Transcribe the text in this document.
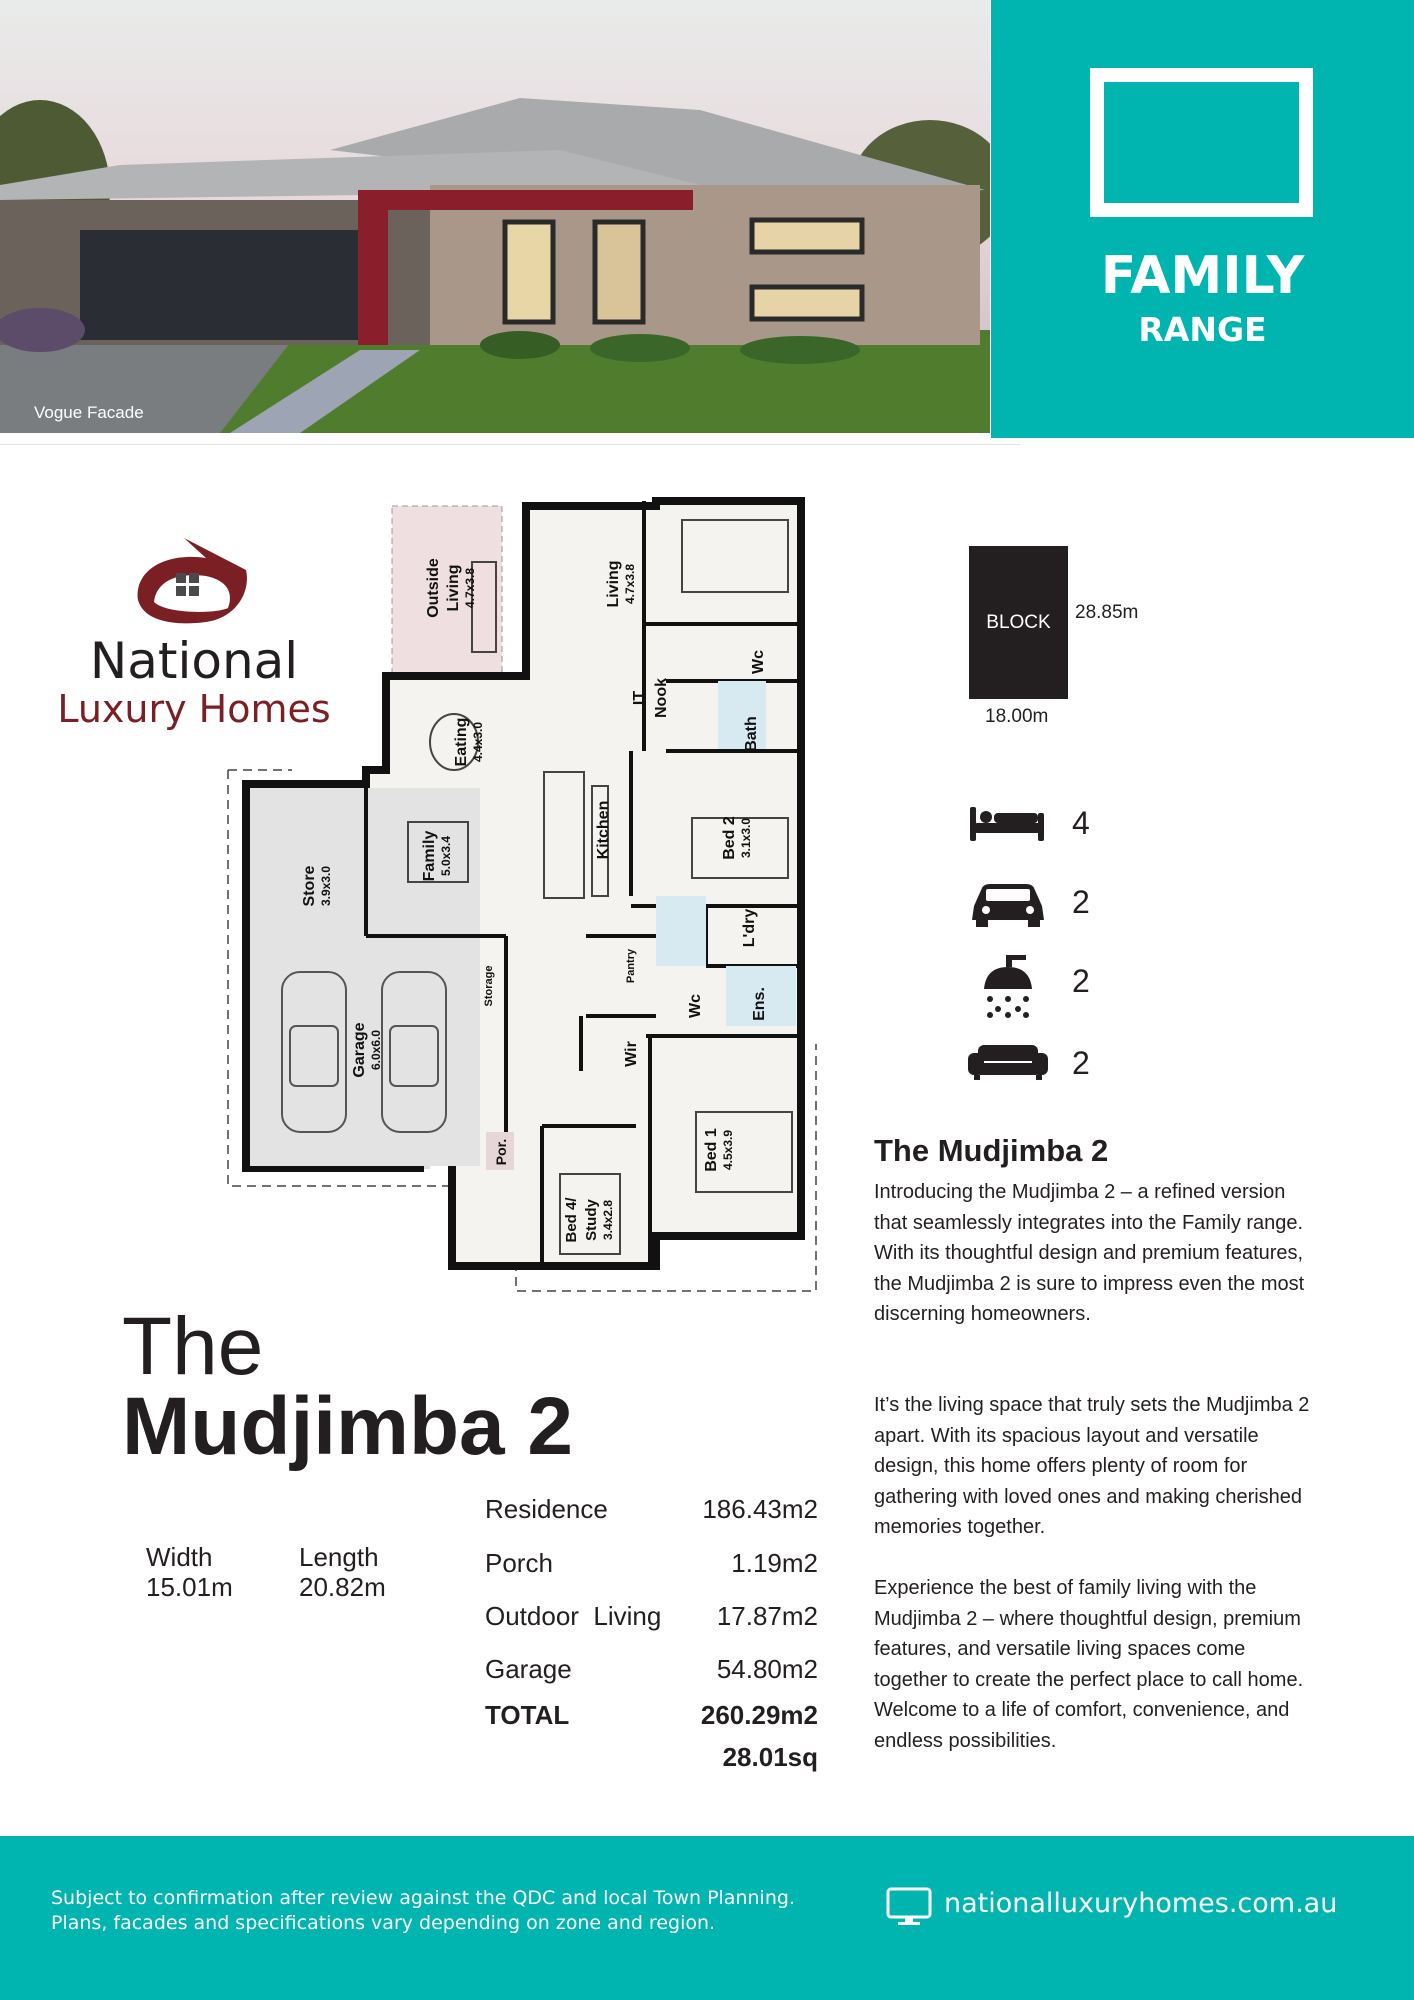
Vogue Facade
FAMILY
RANGE
National
Luxury Homes
Outside Living 4.7x3.8	Living 4.7x3.8
IT Nook
Wc
Bath
Eating 4.4x3.0
Kitchen
Family 5.0x3.4	Bed 2 3.1x3.0
Store 3.9x3.0
L'dry
Pantry
Storage	Wc	Ens.
Wir
Garage 6.0x6.0
Bed 1 4.5x3.9
Por.
Bed 4/ Study 3.4x2.8
BLOCK 28.85m
18.00m
4
2
2
2
The
Mudjimba 2
Width
15.01m
Length
20.82m
Residence	186.43m2
Porch	1.19m2
Outdoor  Living 17.87m2
Garage	54.80m2
TOTAL	260.29m2
28.01sq
The Mudjimba 2
Introducing the Mudjimba 2 – a refined version that seamlessly integrates into the Family range. With its thoughtful design and premium features, the Mudjimba 2 is sure to impress even the most discerning homeowners.
It’s the living space that truly sets the Mudjimba 2 apart. With its spacious layout and versatile design, this home offers plenty of room for gathering with loved ones and making cherished memories together.
Experience the best of family living with the Mudjimba 2 – where thoughtful design, premium features, and versatile living spaces come together to create the perfect place to call home. Welcome to a life of comfort, convenience, and endless possibilities.
Subject to confirmation after review against the QDC and local Town Planning.
Plans, facades and specifications vary depending on zone and region.
nationalluxuryhomes.com.au
